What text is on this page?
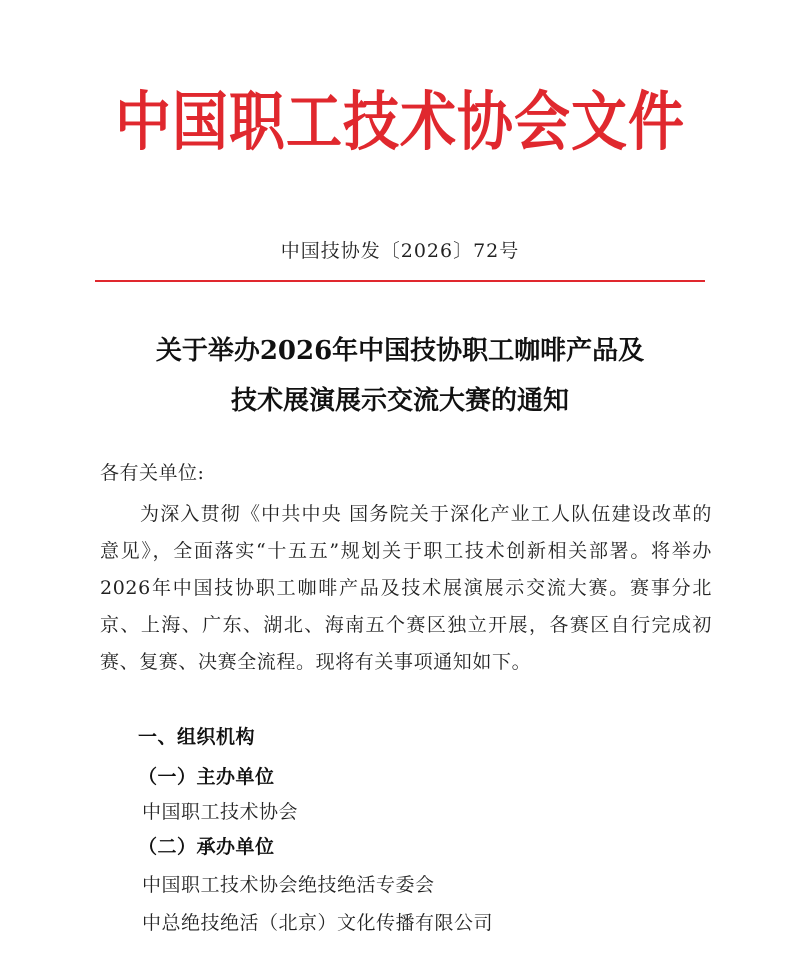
中国职工技术协会文件
中国技协发〔2026〕72号
关于举办2026年中国技协职工咖啡产品及
技术展演展示交流大赛的通知
各有关单位:
为深入贯彻《中共中央 国务院关于深化产业工人队伍建设改革的意见》，全面落实“十五五”规划关于职工技术创新相关部署。将举办2026年中国技协职工咖啡产品及技术展演展示交流大赛。赛事分北京、上海、广东、湖北、海南五个赛区独立开展，各赛区自行完成初赛、复赛、决赛全流程。现将有关事项通知如下。
一、组织机构
（一）主办单位
中国职工技术协会
（二）承办单位
中国职工技术协会绝技绝活专委会
中总绝技绝活（北京）文化传播有限公司
